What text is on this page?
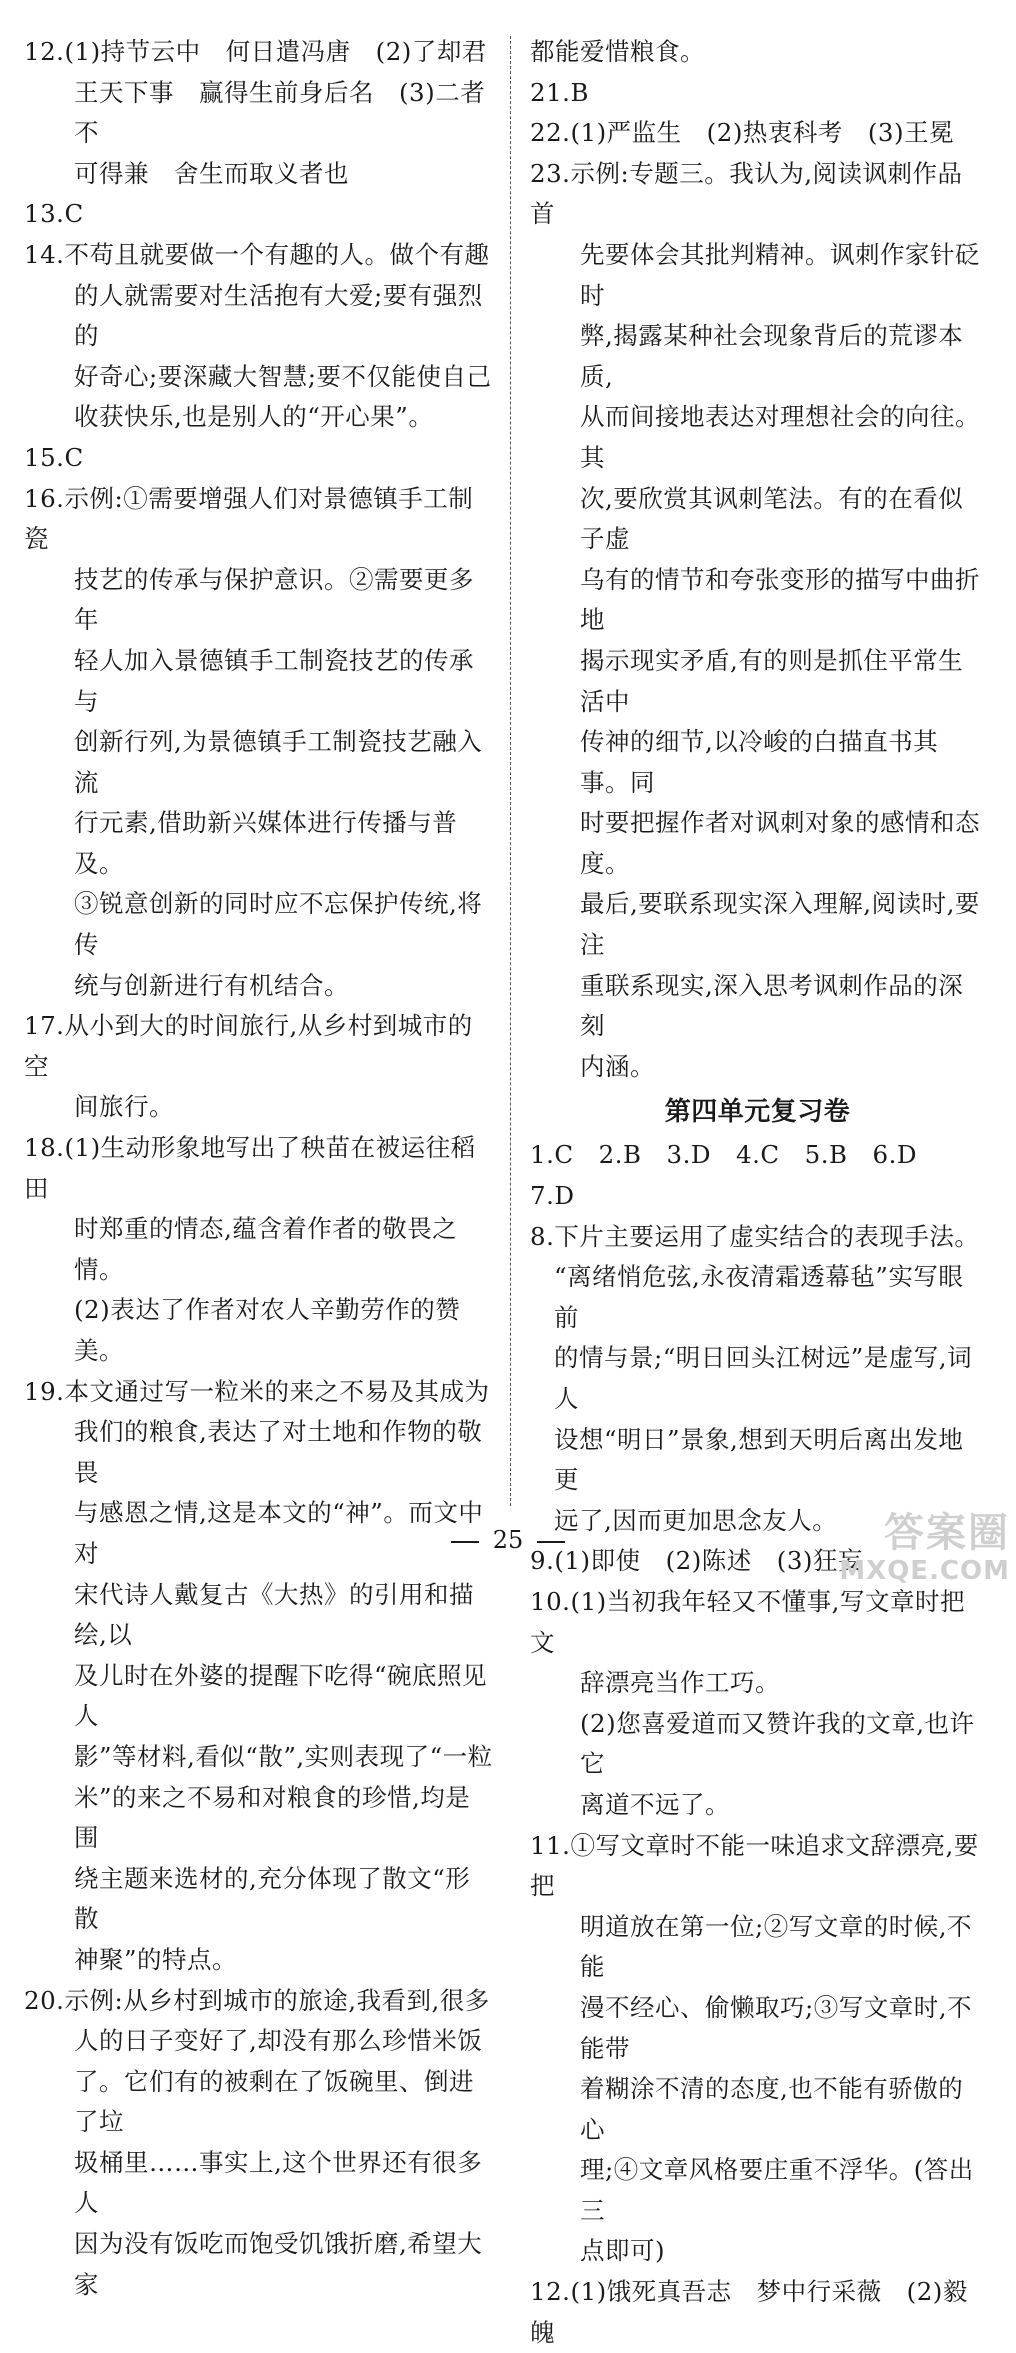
12.(1)持节云中　何日遣冯唐　(2)了却君
王天下事　赢得生前身后名　(3)二者不
可得兼　舍生而取义者也
13.C
14.不苟且就要做一个有趣的人。做个有趣
的人就需要对生活抱有大爱;要有强烈的
好奇心;要深藏大智慧;要不仅能使自己
收获快乐,也是别人的“开心果”。
15.C
16.示例:①需要增强人们对景德镇手工制瓷
技艺的传承与保护意识。②需要更多年
轻人加入景德镇手工制瓷技艺的传承与
创新行列,为景德镇手工制瓷技艺融入流
行元素,借助新兴媒体进行传播与普及。
③锐意创新的同时应不忘保护传统,将传
统与创新进行有机结合。
17.从小到大的时间旅行,从乡村到城市的空
间旅行。
18.(1)生动形象地写出了秧苗在被运往稻田
时郑重的情态,蕴含着作者的敬畏之情。
(2)表达了作者对农人辛勤劳作的赞美。
19.本文通过写一粒米的来之不易及其成为
我们的粮食,表达了对土地和作物的敬畏
与感恩之情,这是本文的“神”。而文中对
宋代诗人戴复古《大热》的引用和描绘,以
及儿时在外婆的提醒下吃得“碗底照见人
影”等材料,看似“散”,实则表现了“一粒
米”的来之不易和对粮食的珍惜,均是围
绕主题来选材的,充分体现了散文“形散
神聚”的特点。
20.示例:从乡村到城市的旅途,我看到,很多
人的日子变好了,却没有那么珍惜米饭
了。它们有的被剩在了饭碗里、倒进了垃
圾桶里……事实上,这个世界还有很多人
因为没有饭吃而饱受饥饿折磨,希望大家
都能爱惜粮食。
21.B
22.(1)严监生　(2)热衷科考　(3)王冕
23.示例:专题三。我认为,阅读讽刺作品首
先要体会其批判精神。讽刺作家针砭时
弊,揭露某种社会现象背后的荒谬本质,
从而间接地表达对理想社会的向往。其
次,要欣赏其讽刺笔法。有的在看似子虚
乌有的情节和夸张变形的描写中曲折地
揭示现实矛盾,有的则是抓住平常生活中
传神的细节,以冷峻的白描直书其事。同
时要把握作者对讽刺对象的感情和态度。
最后,要联系现实深入理解,阅读时,要注
重联系现实,深入思考讽刺作品的深刻
内涵。
第四单元复习卷
1.C　2.B　3.D　4.C　5.B　6.D　7.D
8.下片主要运用了虚实结合的表现手法。
“离绪悄危弦,永夜清霜透幕毡”实写眼前
的情与景;“明日回头江树远”是虚写,词人
设想“明日”景象,想到天明后离出发地更
远了,因而更加思念友人。
9.(1)即使　(2)陈述　(3)狂妄
10.(1)当初我年轻又不懂事,写文章时把文
辞漂亮当作工巧。
(2)您喜爱道而又赞许我的文章,也许它
离道不远了。
11.①写文章时不能一味追求文辞漂亮,要把
明道放在第一位;②写文章的时候,不能
漫不经心、偷懒取巧;③写文章时,不能带
着糊涂不清的态度,也不能有骄傲的心
理;④文章风格要庄重不浮华。(答出三
点即可)
12.(1)饿死真吾志　梦中行采薇　(2)毅魄
25	答案圈
MXQE.COM
